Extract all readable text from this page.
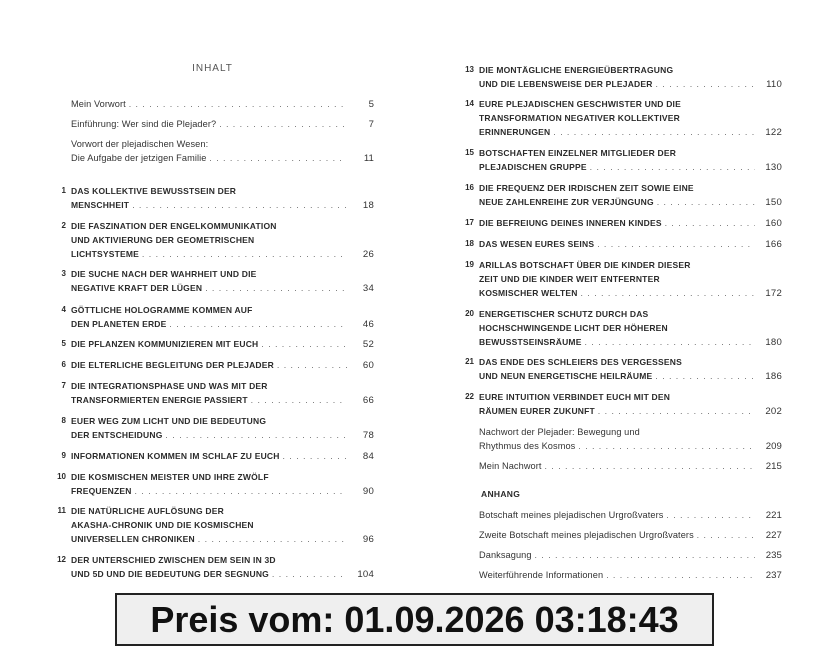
INHALT
Mein Vorwort . . .	5
Einführung: Wer sind die Plejader? . . .	7
Vorwort der plejadischen Wesen:
Die Aufgabe der jetzigen Familie . . .	11
1 DAS KOLLEKTIVE BEWUSSTSEIN DER
MENSCHHEIT . . .	18
2 DIE FASZINATION DER ENGELKOMMUNIKATION
UND AKTIVIERUNG DER GEOMETRISCHEN
LICHTSYSTEME . . .	26
3 DIE SUCHE NACH DER WAHRHEIT UND DIE
NEGATIVE KRAFT DER LÜGEN . . .	34
4 GÖTTLICHE HOLOGRAMME KOMMEN AUF
DEN PLANETEN ERDE . . .	46
5 DIE PFLANZEN KOMMUNIZIEREN MIT EUCH . . .	52
6 DIE ELTERLICHE BEGLEITUNG DER PLEJADER . . .	60
7 DIE INTEGRATIONSPHASE UND WAS MIT DER
TRANSFORMIERTEN ENERGIE PASSIERT . . .	66
8 EUER WEG ZUM LICHT UND DIE BEDEUTUNG
DER ENTSCHEIDUNG . . .	78
9 INFORMATIONEN KOMMEN IM SCHLAF ZU EUCH . . .	84
10 DIE KOSMISCHEN MEISTER UND IHRE ZWÖLF
FREQUENZEN . . .	90
11 DIE NATÜRLICHE AUFLÖSUNG DER
AKASHA-CHRONIK UND DIE KOSMISCHEN
UNIVERSELLEN CHRONIKEN . . .	96
12 DER UNTERSCHIED ZWISCHEN DEM SEIN IN 3D
UND 5D UND DIE BEDEUTUNG DER SEGNUNG . . .	104
13 DIE MONTÄGLICHE ENERGIEÜBERTRAGUNG
UND DIE LEBENSWEISE DER PLEJADER . . .	110
14 EURE PLEJADISCHEN GESCHWISTER UND DIE
TRANSFORMATION NEGATIVER KOLLEKTIVER
ERINNERUNGEN . . .	122
15 BOTSCHAFTEN EINZELNER MITGLIEDER DER
PLEJADISCHEN GRUPPE . . .	130
16 DIE FREQUENZ DER IRDISCHEN ZEIT SOWIE EINE
NEUE ZAHLENREIHE ZUR VERJÜNGUNG . . .	150
17 DIE BEFREIUNG DEINES INNEREN KINDES . . .	160
18 DAS WESEN EURES SEINS . . .	166
19 ARILLAS BOTSCHAFT ÜBER DIE KINDER DIESER
ZEIT UND DIE KINDER WEIT ENTFERNTER
KOSMISCHER WELTEN . . .	172
20 ENERGETISCHER SCHUTZ DURCH DAS
HOCHSCHWINGENDE LICHT DER HÖHEREN
BEWUSSTSEINSRÄUME . . .	180
21 DAS ENDE DES SCHLEIERS DES VERGESSENS
UND NEUN ENERGETISCHE HEILRÄUME . . .	186
22 EURE INTUITION VERBINDET EUCH MIT DEN
RÄUMEN EURER ZUKUNFT . . .	202
Nachwort der Plejader: Bewegung und
Rhythmus des Kosmos . . .	209
Mein Nachwort . . .	215
ANHANG
Botschaft meines plejadischen Urgroßvaters . . .	221
Zweite Botschaft meines plejadischen Urgroßvaters . . .	227
Danksagung . . .	235
Weiterführende Informationen . . .	237
Preis vom: 01.09.2026 03:18:43
